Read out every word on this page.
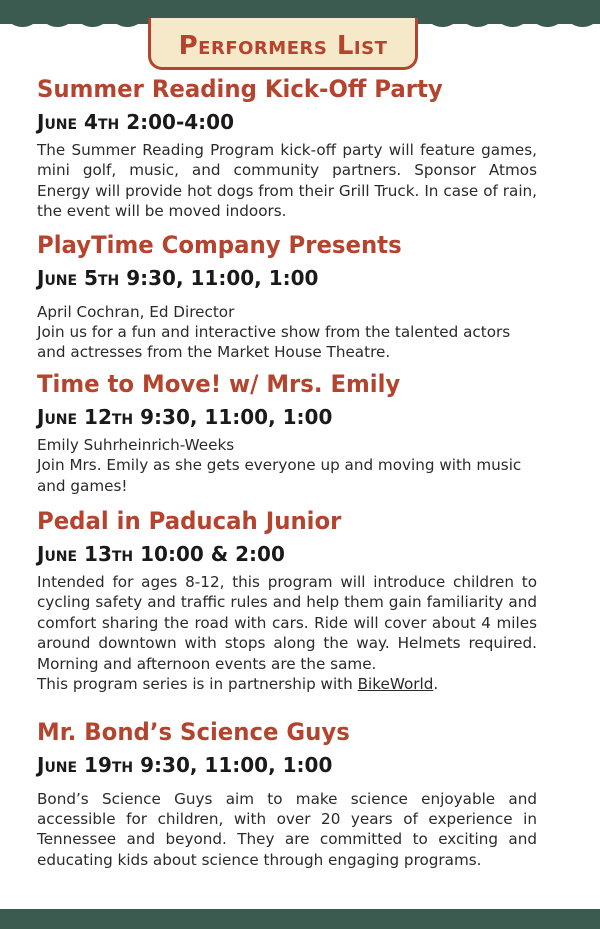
Performers List
Summer Reading Kick-Off Party
June 4th 2:00-4:00

The Summer Reading Program kick-off party will feature games, mini golf, music, and community partners. Sponsor Atmos Energy will provide hot dogs from their Grill Truck. In case of rain, the event will be moved indoors.

PlayTime Company Presents
June 5th 9:30, 11:00, 1:00

April Cochran, Ed Director

Join us for a fun and interactive show from the talented actors and actresses from the Market House Theatre.

Time to Move! w/ Mrs. Emily
June 12th 9:30, 11:00, 1:00

Emily Suhrheinrich-Weeks

Join Mrs. Emily as she gets everyone up and moving with music and games!

Pedal in Paducah Junior
June 13th 10:00 & 2:00

Intended for ages 8-12, this program will introduce children to cycling safety and traffic rules and help them gain familiarity and comfort sharing the road with cars. Ride will cover about 4 miles around downtown with stops along the way. Helmets required. Morning and afternoon events are the same.

This program series is in partnership with BikeWorld.

Mr. Bond’s Science Guys
June 19th 9:30, 11:00, 1:00

Bond’s Science Guys aim to make science enjoyable and accessible for children, with over 20 years of experience in Tennessee and beyond. They are committed to exciting and educating kids about science through engaging programs.
